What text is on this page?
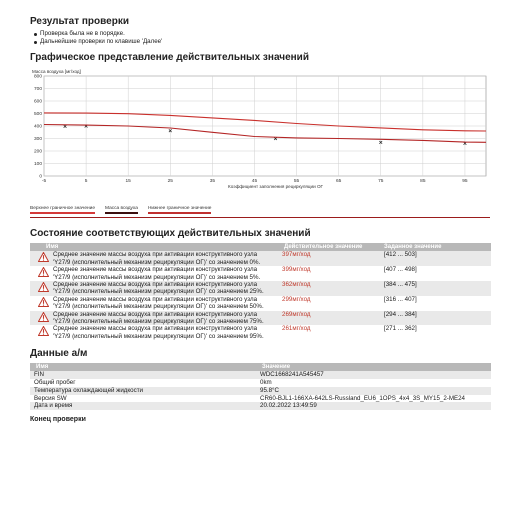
Результат проверки
Проверка была не в порядке.
Дальнейшие проверки по клавише 'Далее'
Графическое представление действительных значений
Масса воздуха [мг/ход]
0
100
200
300
400
500
600
700
800
-5	5	15	25	35	45	55	65	75	85	95
Коэффициент заполнения рециркуляции ОГ
Верхнее граничное значение Масса воздуха Нижнее граничное значение
Состояние соответствующих действительных значений
Имя	Действительное значение	Заданное значение

Среднее значение массы воздуха при активации конструктивного узла 'Y27/9 (исполнительный механизм рециркуляции ОГ)' со значением 0%.	397мг/ход	[412 ... 503]

Среднее значение массы воздуха при активации конструктивного узла 'Y27/9 (исполнительный механизм рециркуляции ОГ)' со значением 5%.	399мг/ход	[407 ... 498]

Среднее значение массы воздуха при активации конструктивного узла 'Y27/9 (исполнительный механизм рециркуляции ОГ)' со значением 25%.	362мг/ход	[384 ... 475]

Среднее значение массы воздуха при активации конструктивного узла 'Y27/9 (исполнительный механизм рециркуляции ОГ)' со значением 50%.	299мг/ход	[316 ... 407]

Среднее значение массы воздуха при активации конструктивного узла 'Y27/9 (исполнительный механизм рециркуляции ОГ)' со значением 75%.	269мг/ход	[294 ... 384]

Среднее значение массы воздуха при активации конструктивного узла 'Y27/9 (исполнительный механизм рециркуляции ОГ)' со значением 95%.	261мг/ход	[271 ... 362]
Данные а/м
Имя	Значение
FIN	WDC1668241A545457
Общий пробег	0km
Температура охлаждающей жидкости	95.8°C
Версия SW	CR60-BJL1-166XA-642LS-Russland_EU6_1OPS_4x4_3S_MY15_2-ME24
Дата и время	20.02.2022 13:49:59
Конец проверки
